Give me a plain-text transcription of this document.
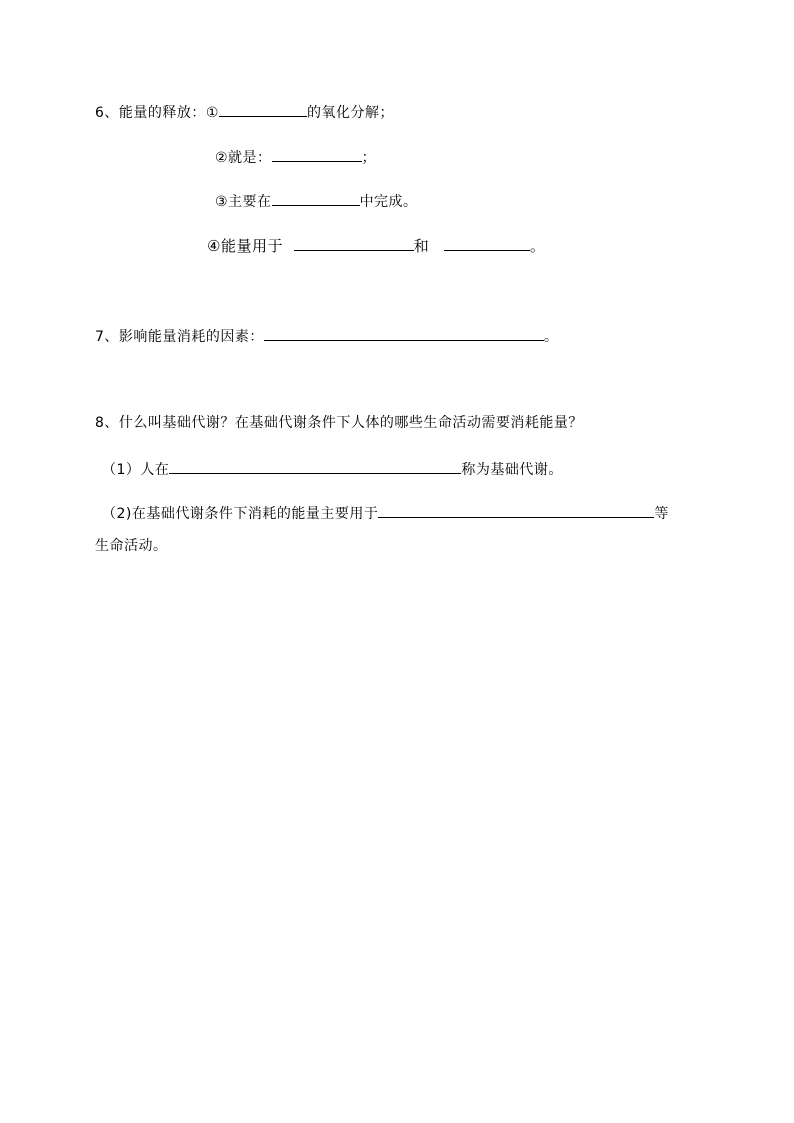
6、能量的释放：①	的氧化分解；
②就是：	；
③主要在	中完成。
④能量用于	和	。
7、影响能量消耗的因素：	。
8、什么叫基础代谢？在基础代谢条件下人体的哪些生命活动需要消耗能量？
（1）人在	称为基础代谢。
（2)在基础代谢条件下消耗的能量主要用于	等
生命活动。
